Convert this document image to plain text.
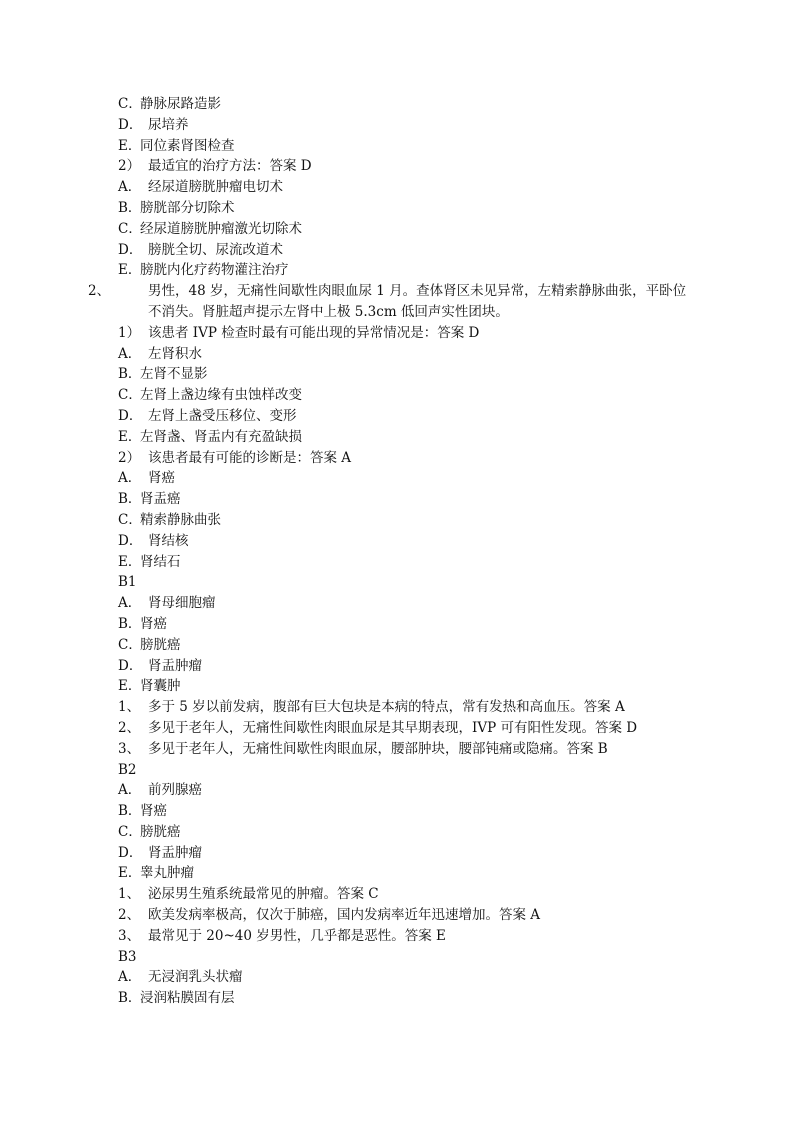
C．静脉尿路造影
D． 尿培养
E．同位素肾图检查
2） 最适宜的治疗方法：答案 D
A． 经尿道膀胱肿瘤电切术
B．膀胱部分切除术
C．经尿道膀胱肿瘤激光切除术
D． 膀胱全切、尿流改道术
E．膀胱内化疗药物灌注治疗
2、	男性，48 岁，无痛性间歇性肉眼血尿 1 月。查体肾区未见异常，左精索静脉曲张，平卧位不消失。肾脏超声提示左肾中上极 5.3cm 低回声实性团块。
1） 该患者 IVP 检查时最有可能出现的异常情况是：答案 D
A． 左肾积水
B．左肾不显影
C．左肾上盏边缘有虫蚀样改变
D． 左肾上盏受压移位、变形
E．左肾盏、肾盂内有充盈缺损
2） 该患者最有可能的诊断是：答案 A
A． 肾癌
B．肾盂癌
C．精索静脉曲张
D． 肾结核
E．肾结石
B1
A． 肾母细胞瘤
B．肾癌
C．膀胱癌
D． 肾盂肿瘤
E．肾囊肿
1、 多于 5 岁以前发病，腹部有巨大包块是本病的特点，常有发热和高血压。答案 A
2、 多见于老年人，无痛性间歇性肉眼血尿是其早期表现，IVP 可有阳性发现。答案 D
3、 多见于老年人，无痛性间歇性肉眼血尿，腰部肿块，腰部钝痛或隐痛。答案 B
B2
A． 前列腺癌
B．肾癌
C．膀胱癌
D． 肾盂肿瘤
E．睾丸肿瘤
1、 泌尿男生殖系统最常见的肿瘤。答案 C
2、 欧美发病率极高，仅次于肺癌，国内发病率近年迅速增加。答案 A
3、 最常见于 20~40 岁男性，几乎都是恶性。答案 E
B3
A． 无浸润乳头状瘤
B．浸润粘膜固有层
